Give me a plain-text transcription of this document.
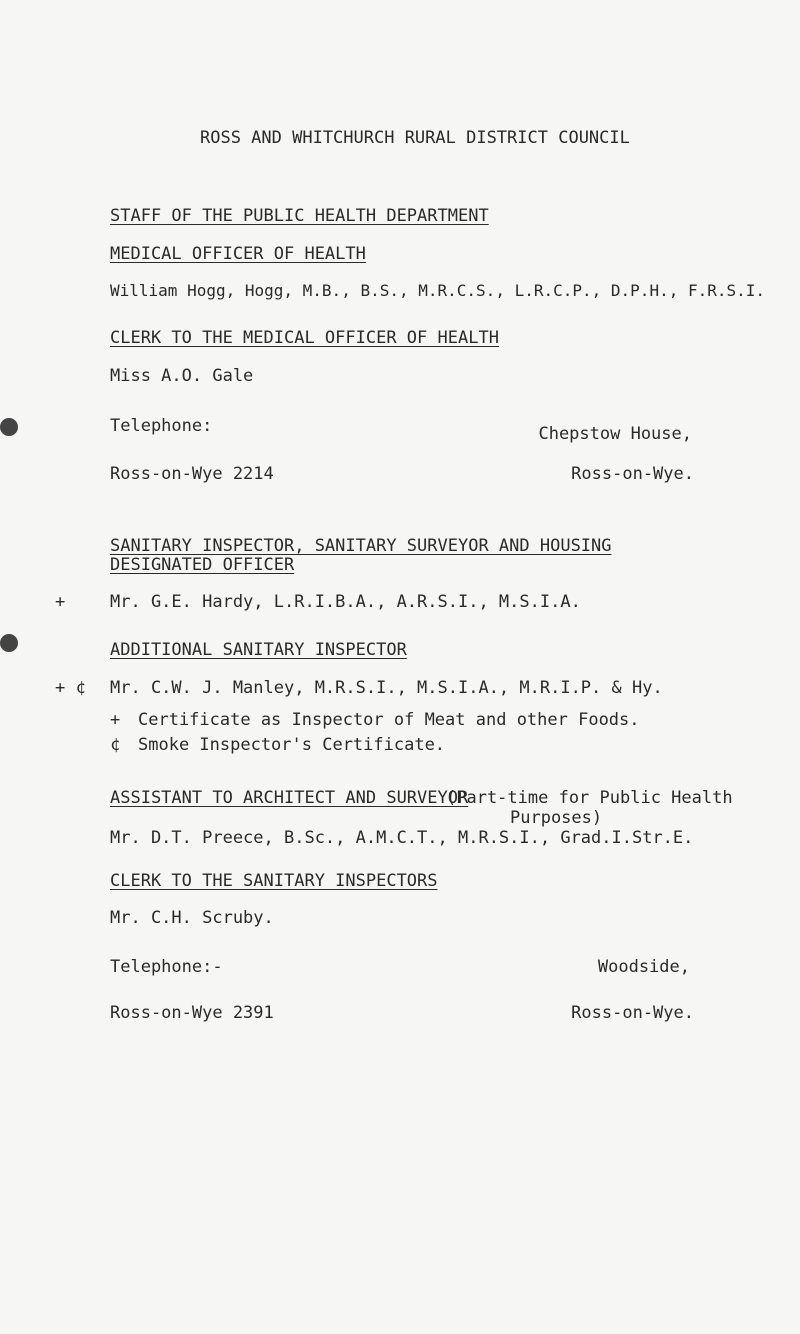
ROSS AND WHITCHURCH RURAL DISTRICT COUNCIL
STAFF OF THE PUBLIC HEALTH DEPARTMENT
MEDICAL OFFICER OF HEALTH
William Hogg, Hogg, M.B., B.S., M.R.C.S., L.R.C.P., D.P.H., F.R.S.I.
CLERK TO THE MEDICAL OFFICER OF HEALTH
Miss A.O. Gale
Telephone:
Ross-on-Wye 2214
Chepstow House,
Ross-on-Wye.
SANITARY INSPECTOR, SANITARY SURVEYOR AND HOUSING
DESIGNATED OFFICER
+	Mr. G.E. Hardy, L.R.I.B.A., A.R.S.I., M.S.I.A.
ADDITIONAL SANITARY INSPECTOR
+ ¢ Mr. C.W. J. Manley, M.R.S.I., M.S.I.A., M.R.I.P. & Hy.
+ Certificate as Inspector of Meat and other Foods.
¢ Smoke Inspector's Certificate.
ASSISTANT TO ARCHITECT AND SURVEYOR
(Part-time for Public Health
Purposes)
Mr. D.T. Preece, B.Sc., A.M.C.T., M.R.S.I., Grad.I.Str.E.
CLERK TO THE SANITARY INSPECTORS
Mr. C.H. Scruby.
Telephone:-
Ross-on-Wye 2391
Woodside,
Ross-on-Wye.
